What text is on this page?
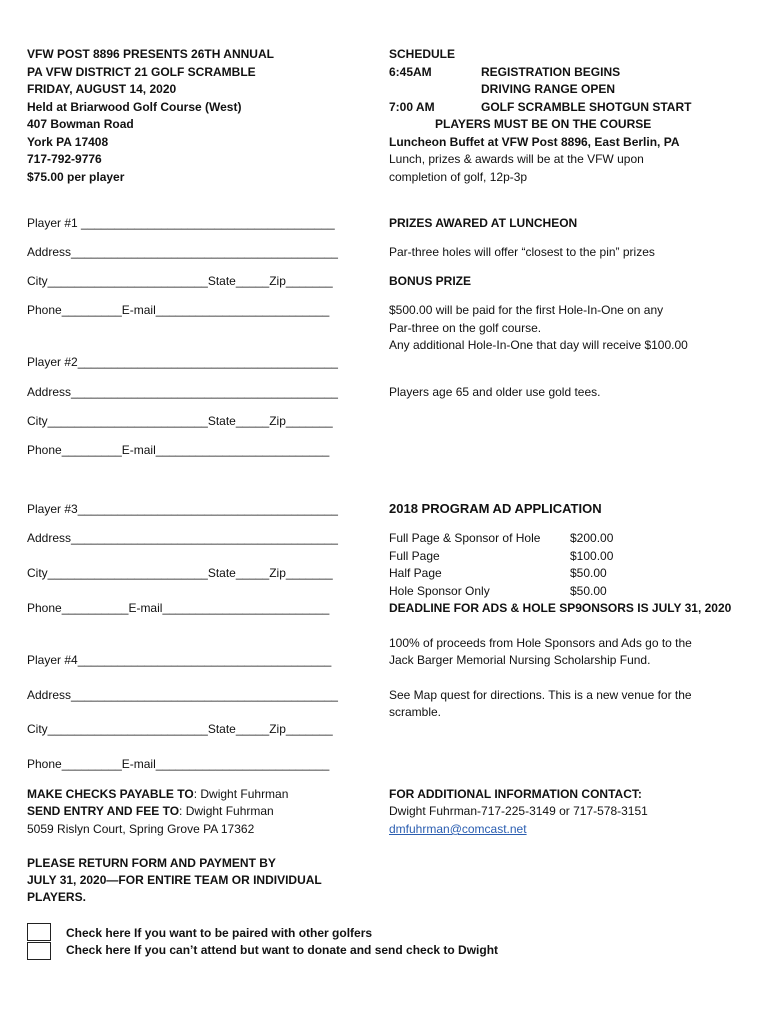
VFW POST 8896 PRESENTS 26TH ANNUAL
PA VFW DISTRICT 21 GOLF SCRAMBLE
FRIDAY, AUGUST 14, 2020
Held at Briarwood Golf Course (West)
407 Bowman Road
York PA 17408
717-792-9776
$75.00 per player
SCHEDULE
6:45AM	REGISTRATION BEGINS
DRIVING RANGE OPEN
7:00 AM	GOLF SCRAMBLE SHOTGUN START
PLAYERS MUST BE ON THE COURSE
Luncheon Buffet at VFW Post 8896, East Berlin, PA
Lunch, prizes & awards will be at the VFW upon
completion of golf, 12p-3p
Player #1 ______________________________________
Address________________________________________
City________________________State_____Zip_______
Phone_________E-mail__________________________
Player #2_______________________________________
Address________________________________________
City________________________State_____Zip_______
Phone_________E-mail__________________________
Player #3_______________________________________
Address________________________________________
City________________________State_____Zip_______
Phone__________E-mail_________________________
Player #4______________________________________
Address________________________________________
City________________________State_____Zip_______
Phone_________E-mail__________________________
PRIZES AWARED AT LUNCHEON
Par-three holes will offer “closest to the pin” prizes
BONUS PRIZE
$500.00 will be paid for the first Hole-In-One on any
Par-three on the golf course.
Any additional Hole-In-One that day will receive $100.00
Players age 65 and older use gold tees.
2018 PROGRAM AD APPLICATION
Full Page & Sponsor of Hole	$200.00
Full Page	$100.00
Half Page	$50.00
Hole Sponsor Only	$50.00
DEADLINE FOR ADS & HOLE SP9ONSORS IS JULY 31, 2020
100% of proceeds from Hole Sponsors and Ads go to the
Jack Barger Memorial Nursing Scholarship Fund.
See Map quest for directions. This is a new venue for the
scramble.
MAKE CHECKS PAYABLE TO: Dwight Fuhrman
SEND ENTRY AND FEE TO: Dwight Fuhrman
5059 Rislyn Court, Spring Grove PA 17362
PLEASE RETURN FORM AND PAYMENT BY
JULY 31, 2020—FOR ENTIRE TEAM OR INDIVIDUAL
PLAYERS.
FOR ADDITIONAL INFORMATION CONTACT:
Dwight Fuhrman-717-225-3149 or 717-578-3151
dmfuhrman@comcast.net
Check here If you want to be paired with other golfers
Check here If you can’t attend but want to donate and send check to Dwight
